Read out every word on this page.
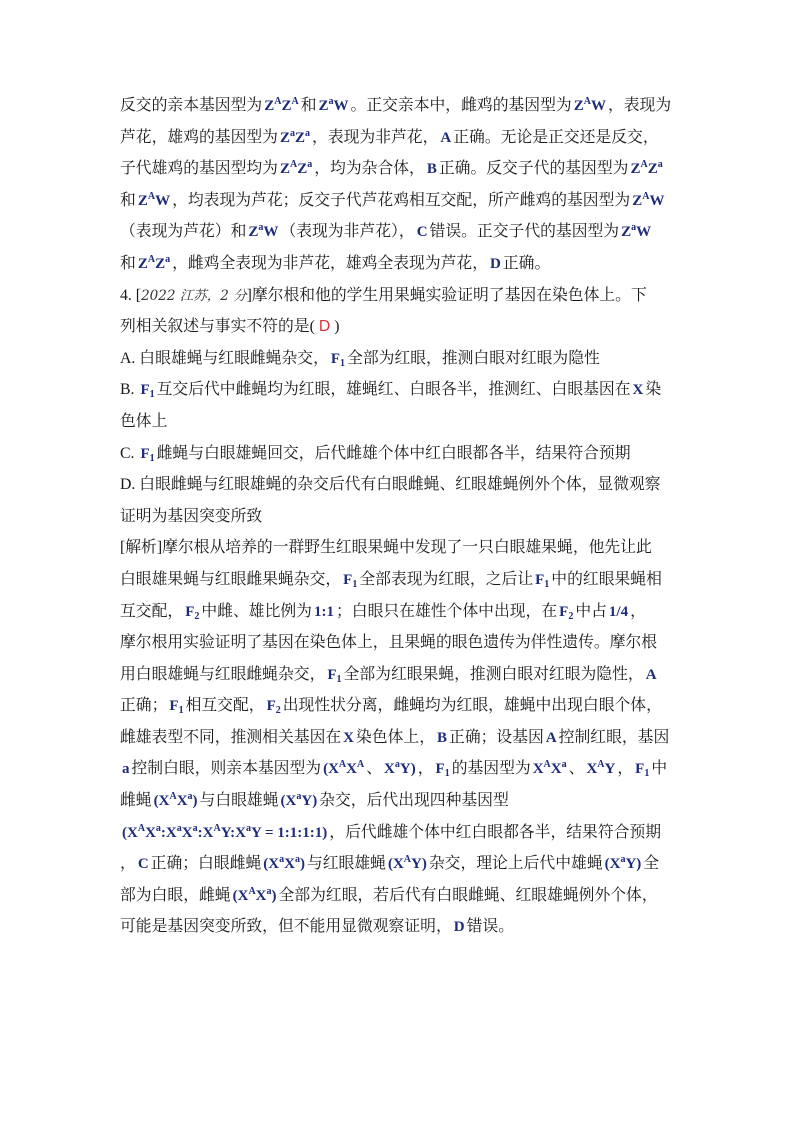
反交的亲本基因型为 $Z^AZ^A$ 和 $Z^aW$ 。正交亲本中，雌鸡的基因型为 $Z^AW$ ，表现为
芦花，雄鸡的基因型为 $Z^aZ^a$ ，表现为非芦花， A 正确。无论是正交还是反交，
子代雄鸡的基因型均为 $Z^AZ^a$ ，均为杂合体， B 正确。反交子代的基因型为 $Z^AZ^a$
和 $Z^AW$ ，均表现为芦花；反交子代芦花鸡相互交配，所产雌鸡的基因型为 $Z^AW$
（表现为芦花）和 $Z^aW$ （表现为非芦花）， C 错误。正交子代的基因型为 $Z^aW$
和 $Z^AZ^a$ ，雌鸡全表现为非芦花，雄鸡全表现为芦花， D 正确。
4. [2022 江苏，2 分]摩尔根和他的学生用果蝇实验证明了基因在染色体上。下
列相关叙述与事实不符的是( D )
A. 白眼雄蝇与红眼雌蝇杂交， $F_1$ 全部为红眼，推测白眼对红眼为隐性
B. $F_1$ 互交后代中雌蝇均为红眼，雄蝇红、白眼各半，推测红、白眼基因在 X 染
色体上
C. $F_1$ 雌蝇与白眼雄蝇回交，后代雌雄个体中红白眼都各半，结果符合预期
D. 白眼雌蝇与红眼雄蝇的杂交后代有白眼雌蝇、红眼雄蝇例外个体，显微观察
证明为基因突变所致
[解析]摩尔根从培养的一群野生红眼果蝇中发现了一只白眼雄果蝇，他先让此
白眼雄果蝇与红眼雌果蝇杂交， $F_1$ 全部表现为红眼，之后让 $F_1$ 中的红眼果蝇相
互交配， $F_2$ 中雌、雄比例为 1:1 ；白眼只在雄性个体中出现，在 $F_2$ 中占 1/4 ，
摩尔根用实验证明了基因在染色体上，且果蝇的眼色遗传为伴性遗传。摩尔根
用白眼雄蝇与红眼雌蝇杂交， $F_1$ 全部为红眼果蝇，推测白眼对红眼为隐性， A
正确； $F_1$ 相互交配， $F_2$ 出现性状分离，雌蝇均为红眼，雄蝇中出现白眼个体，
雌雄表型不同，推测相关基因在 X 染色体上， B 正确；设基因 A 控制红眼，基因
a 控制白眼，则亲本基因型为 ($X^AX^A$ 、 $X^aY$) ， $F_1$ 的基因型为 $X^AX^a$ 、 $X^AY$ ， $F_1$ 中
雌蝇 $(X^AX^a)$ 与白眼雄蝇 $(X^aY)$ 杂交，后代出现四种基因型
($X^AX^a:X^aX^a:X^AY:X^aY$ = 1:1:1:1) ，后代雌雄个体中红白眼都各半，结果符合预期
， C 正确；白眼雌蝇 $(X^aX^a)$ 与红眼雄蝇 $(X^AY)$ 杂交，理论上后代中雄蝇 $(X^aY)$ 全
部为白眼，雌蝇 $(X^AX^a)$ 全部为红眼，若后代有白眼雌蝇、红眼雄蝇例外个体，
可能是基因突变所致，但不能用显微观察证明， D 错误。
